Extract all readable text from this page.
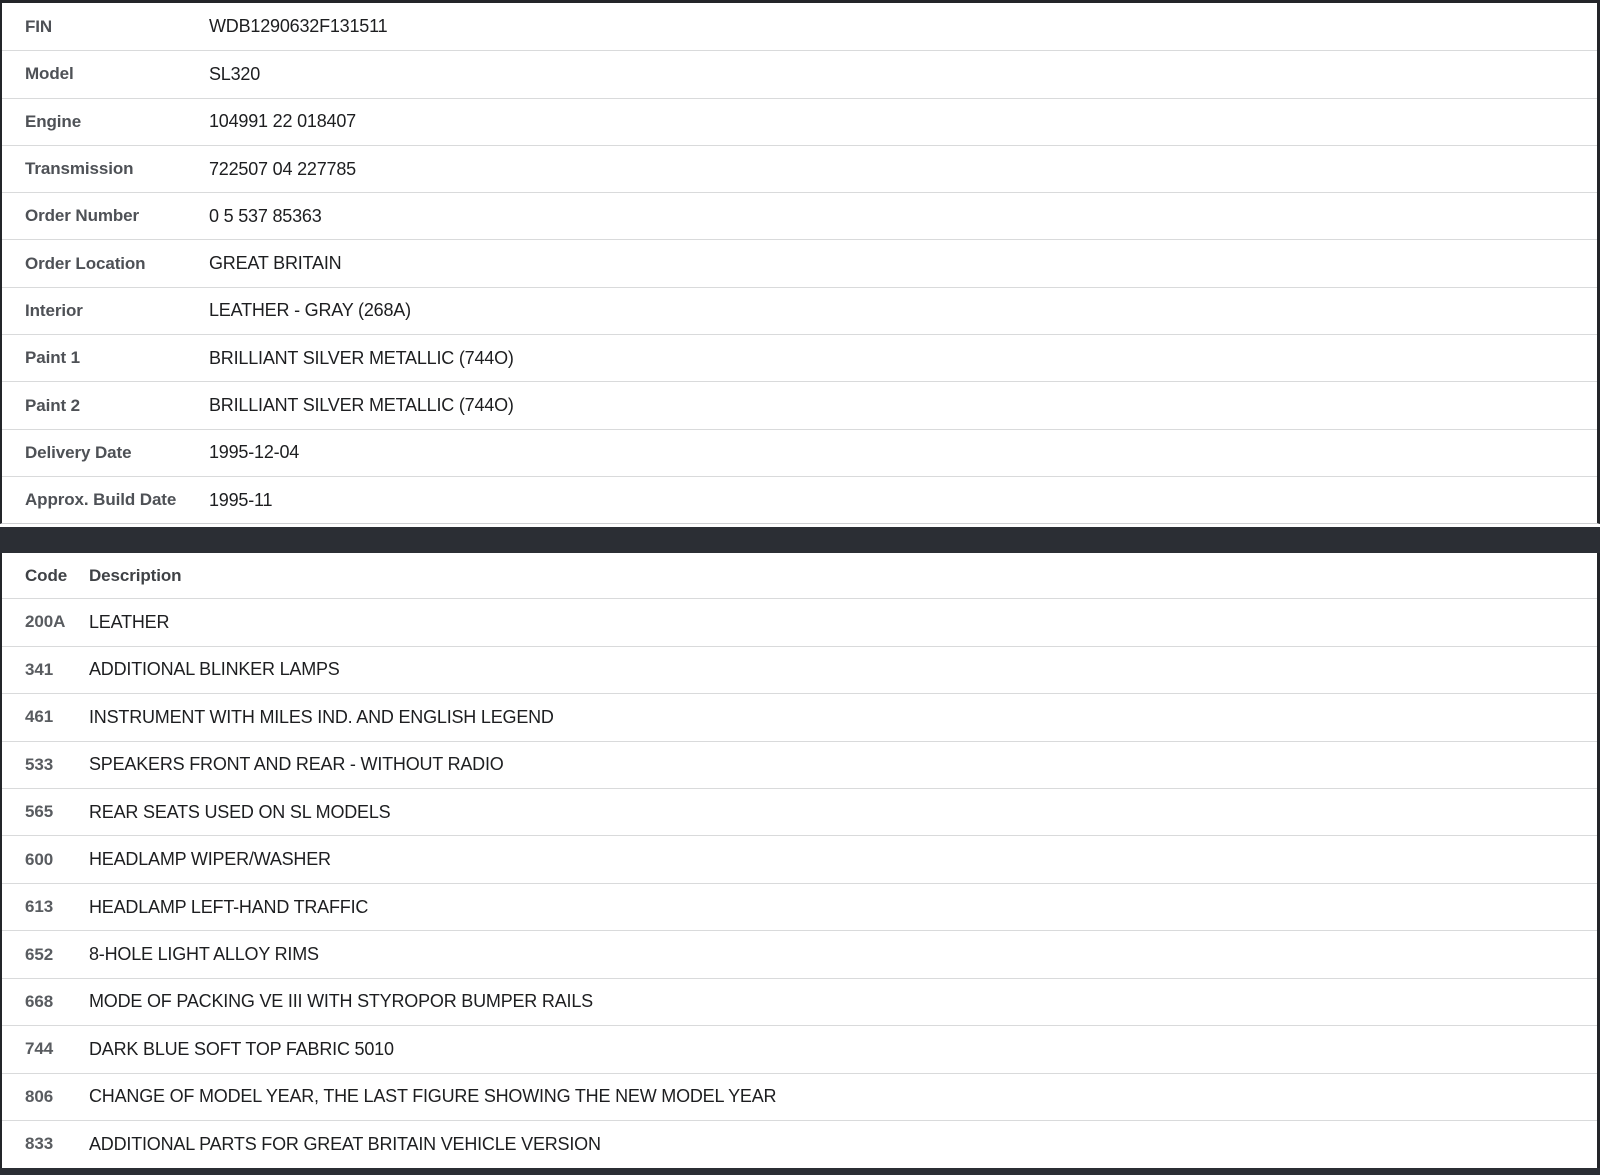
FIN	WDB1290632F131511
Model	SL320
Engine	104991 22 018407
Transmission	722507 04 227785
Order Number	0 5 537 85363
Order Location	GREAT BRITAIN
Interior	LEATHER - GRAY (268A)
Paint 1	BRILLIANT SILVER METALLIC (744O)
Paint 2	BRILLIANT SILVER METALLIC (744O)
Delivery Date	1995-12-04
Approx. Build Date	1995-11
Code	Description
200A	LEATHER
341	ADDITIONAL BLINKER LAMPS
461	INSTRUMENT WITH MILES IND. AND ENGLISH LEGEND
533	SPEAKERS FRONT AND REAR - WITHOUT RADIO
565	REAR SEATS USED ON SL MODELS
600	HEADLAMP WIPER/WASHER
613	HEADLAMP LEFT-HAND TRAFFIC
652	8-HOLE LIGHT ALLOY RIMS
668	MODE OF PACKING VE III WITH STYROPOR BUMPER RAILS
744	DARK BLUE SOFT TOP FABRIC 5010
806	CHANGE OF MODEL YEAR, THE LAST FIGURE SHOWING THE NEW MODEL YEAR
833	ADDITIONAL PARTS FOR GREAT BRITAIN VEHICLE VERSION
